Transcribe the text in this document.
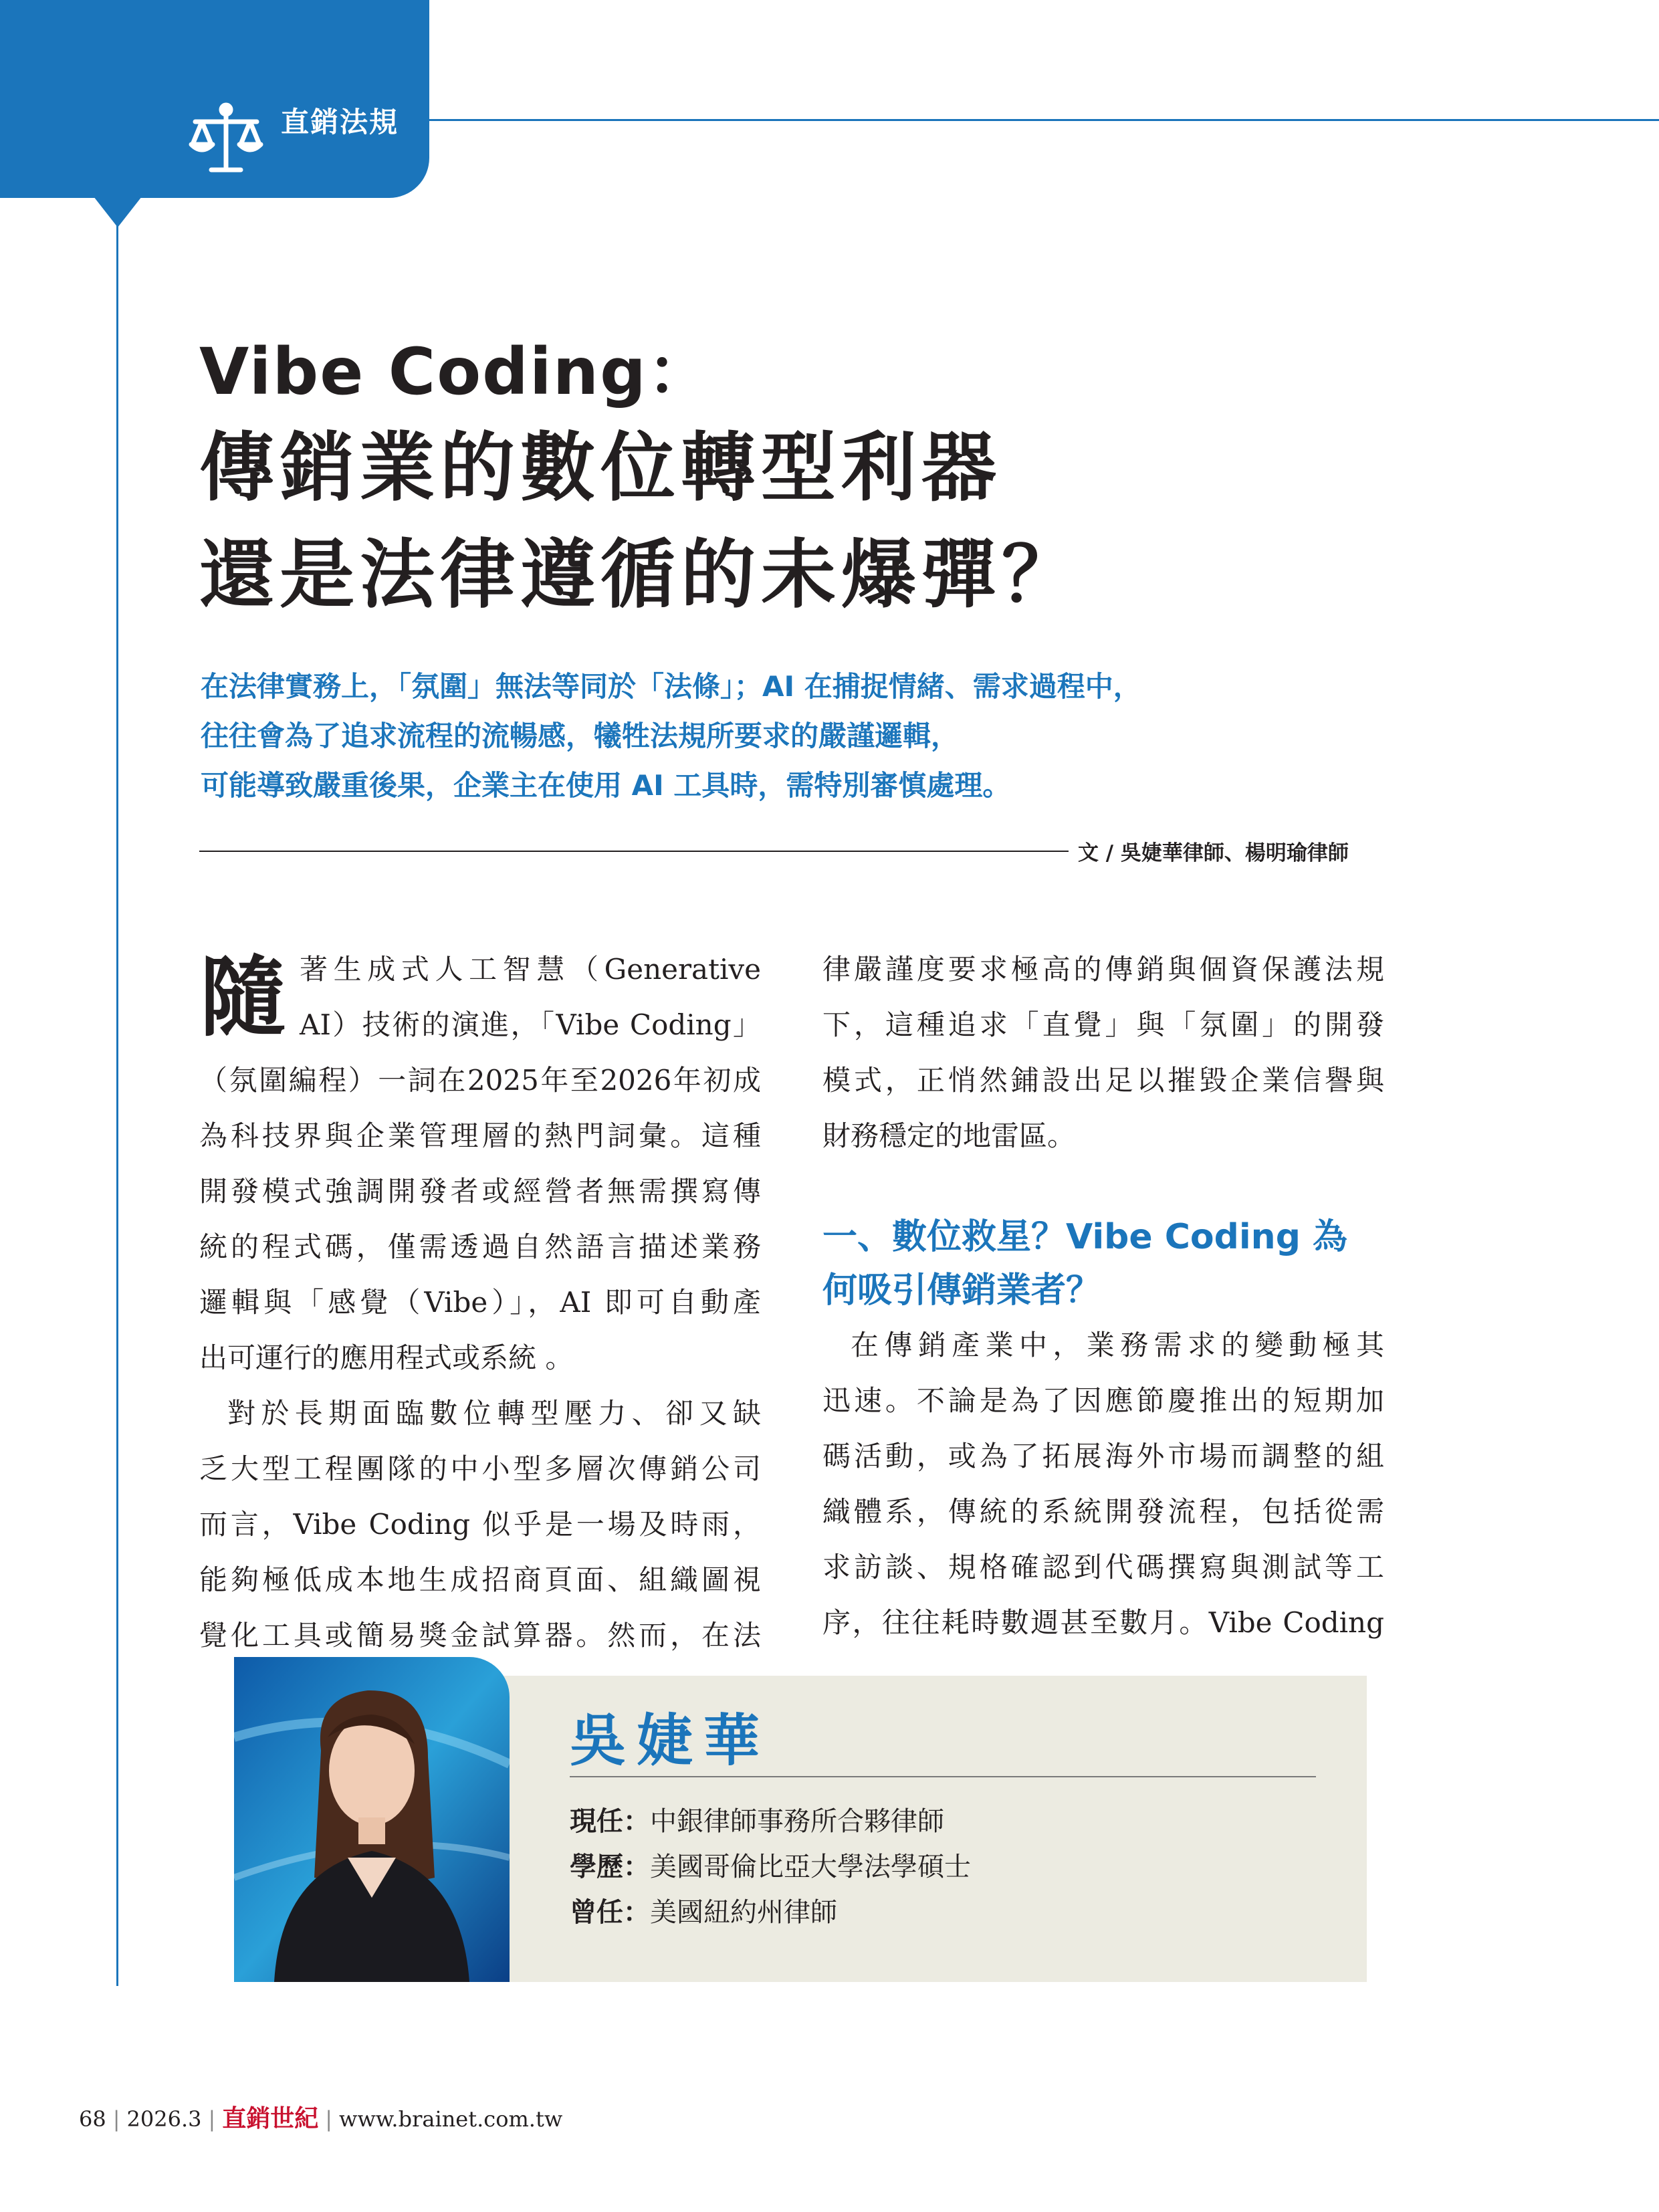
直銷法規
Vibe Coding：
傳銷業的數位轉型利器
還是法律遵循的未爆彈？
在法律實務上，「氛圍」無法等同於「法條」；AI 在捕捉情緒、需求過程中，
往往會為了追求流程的流暢感，犧牲法規所要求的嚴謹邏輯，
可能導致嚴重後果，企業主在使用 AI 工具時，需特別審慎處理。
文 / 吳婕華律師、楊明瑜律師
隨 著生成式人工智慧（Generative
AI）技術的演進，「Vibe Coding」
（氛圍編程）一詞在2025年至2026年初成
為科技界與企業管理層的熱門詞彙。這種
開發模式強調開發者或經營者無需撰寫傳
統的程式碼，僅需透過自然語言描述業務
邏輯與「感覺（Vibe）」，AI 即可自動產
出可運行的應用程式或系統 。
對於長期面臨數位轉型壓力、卻又缺
乏大型工程團隊的中小型多層次傳銷公司
而言，Vibe Coding 似乎是一場及時雨，
能夠極低成本地生成招商頁面、組織圖視
覺化工具或簡易獎金試算器。然而，在法
律嚴謹度要求極高的傳銷與個資保護法規
下，這種追求「直覺」與「氛圍」的開發
模式，正悄然鋪設出足以摧毀企業信譽與
財務穩定的地雷區。
一、數位救星？Vibe Coding 為
何吸引傳銷業者？
在傳銷產業中，業務需求的變動極其
迅速。不論是為了因應節慶推出的短期加
碼活動，或為了拓展海外市場而調整的組
織體系，傳統的系統開發流程，包括從需
求訪談、規格確認到代碼撰寫與測試等工
序，往往耗時數週甚至數月。Vibe Coding
吳婕華
現任：中銀律師事務所合夥律師
學歷：美國哥倫比亞大學法學碩士
曾任：美國紐約州律師
68 | 2026.3 | 直銷世紀 | www.brainet.com.tw
